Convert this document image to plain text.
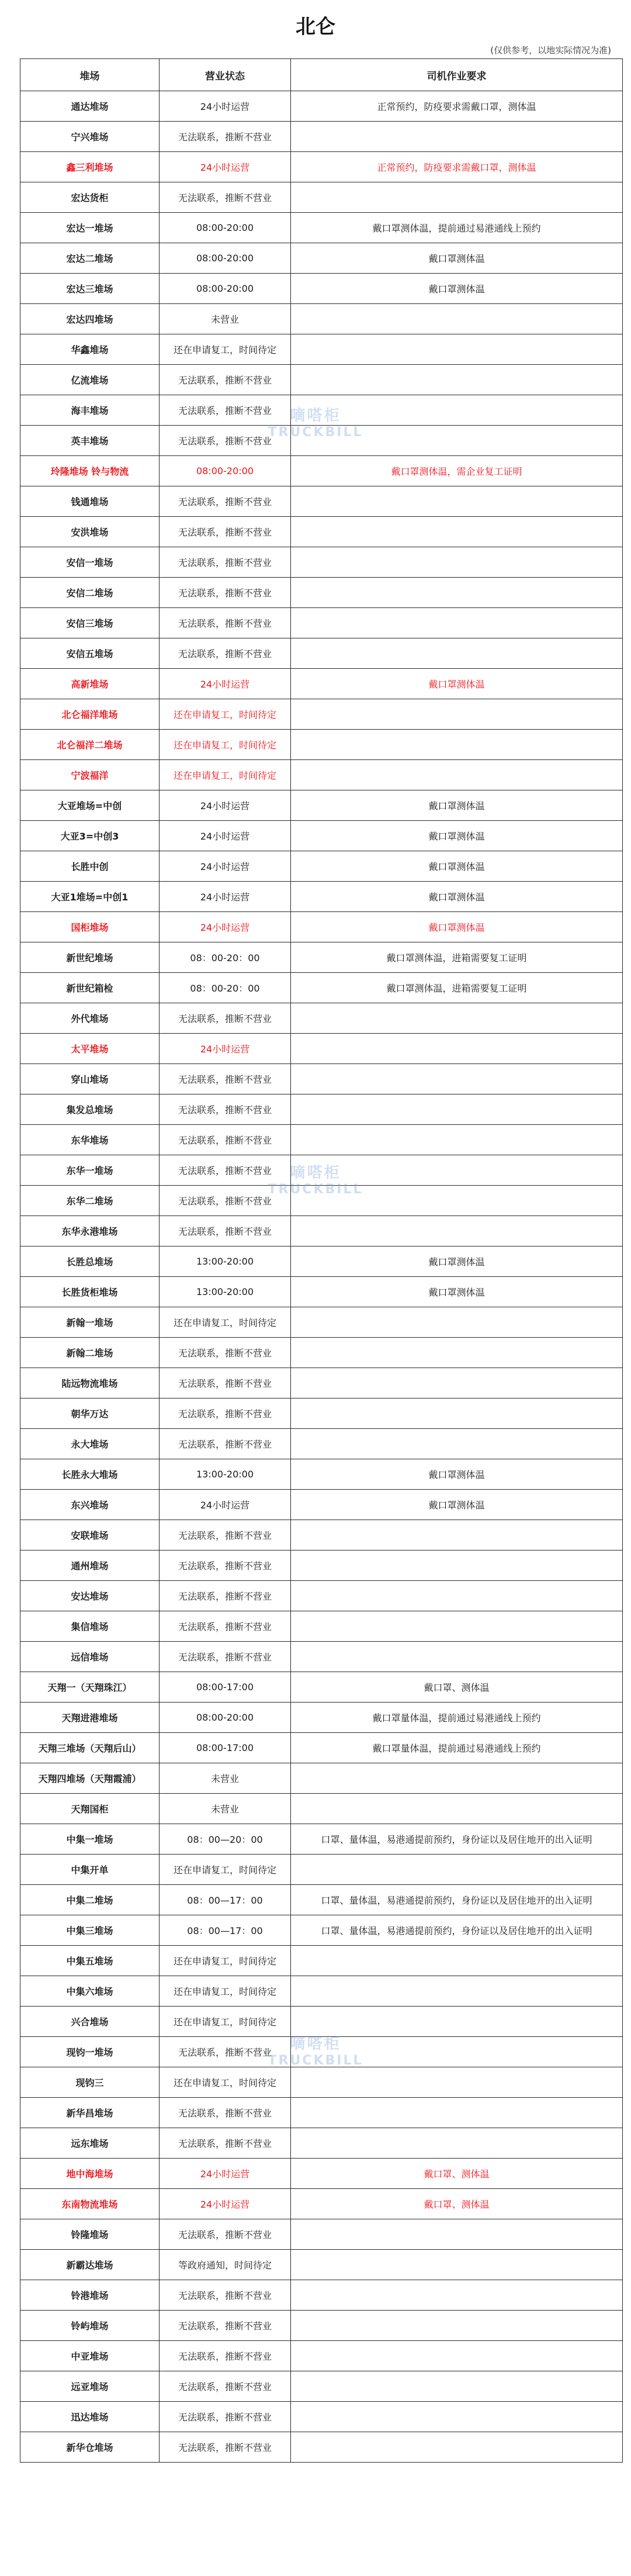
北仑
(仅供参考，以地实际情况为准)
堆场	营业状态	司机作业要求
通达堆场	24小时运营	正常预约，防疫要求需戴口罩，测体温
宁兴堆场	无法联系，推断不营业	
鑫三利堆场	24小时运营	正常预约，防疫要求需戴口罩，测体温
宏达货柜	无法联系，推断不营业	
宏达一堆场	08:00-20:00	戴口罩测体温，提前通过易港通线上预约
宏达二堆场	08:00-20:00	戴口罩测体温
宏达三堆场	08:00-20:00	戴口罩测体温
宏达四堆场	未营业	
华鑫堆场	还在申请复工，时间待定	
亿流堆场	无法联系，推断不营业	
海丰堆场	无法联系，推断不营业	
英丰堆场	无法联系，推断不营业	
玲隆堆场 铃与物流	08:00-20:00	戴口罩测体温，需企业复工证明
钱通堆场	无法联系，推断不营业	
安洪堆场	无法联系，推断不营业	
安信一堆场	无法联系，推断不营业	
安信二堆场	无法联系，推断不营业	
安信三堆场	无法联系，推断不营业	
安信五堆场	无法联系，推断不营业	
高新堆场	24小时运营	戴口罩测体温
北仑福洋堆场	还在申请复工，时间待定	
北仑福洋二堆场	还在申请复工，时间待定	
宁波福洋	还在申请复工，时间待定	
大亚堆场=中创	24小时运营	戴口罩测体温
大亚3=中创3	24小时运营	戴口罩测体温
长胜中创	24小时运营	戴口罩测体温
大亚1堆场=中创1	24小时运营	戴口罩测体温
国柜堆场	24小时运营	戴口罩测体温
新世纪堆场	08：00-20：00	戴口罩测体温，进箱需要复工证明
新世纪箱检	08：00-20：00	戴口罩测体温，进箱需要复工证明
外代堆场	无法联系，推断不营业	
太平堆场	24小时运营	
穿山堆场	无法联系，推断不营业	
集发总堆场	无法联系，推断不营业	
东华堆场	无法联系，推断不营业	
东华一堆场	无法联系，推断不营业	
东华二堆场	无法联系，推断不营业	
东华永港堆场	无法联系，推断不营业	
长胜总堆场	13:00-20:00	戴口罩测体温
长胜货柜堆场	13:00-20:00	戴口罩测体温
新翰一堆场	还在申请复工，时间待定	
新翰二堆场	无法联系，推断不营业	
陆远物流堆场	无法联系，推断不营业	
朝华万达	无法联系，推断不营业	
永大堆场	无法联系，推断不营业	
长胜永大堆场	13:00-20:00	戴口罩测体温
东兴堆场	24小时运营	戴口罩测体温
安联堆场	无法联系，推断不营业	
通州堆场	无法联系，推断不营业	
安达堆场	无法联系，推断不营业	
集信堆场	无法联系，推断不营业	
远信堆场	无法联系，推断不营业	
天翔一（天翔珠江）	08:00-17:00	戴口罩、测体温
天翔进港堆场	08:00-20:00	戴口罩量体温，提前通过易港通线上预约
天翔三堆场（天翔后山）	08:00-17:00	戴口罩量体温，提前通过易港通线上预约
天翔四堆场（天翔霞浦）	未营业	
天翔国柜	未营业	
中集一堆场	08：00—20：00	口罩、量体温，易港通提前预约，身份证以及居住地开的出入证明
中集开单	还在申请复工，时间待定	
中集二堆场	08：00—17：00	口罩、量体温，易港通提前预约，身份证以及居住地开的出入证明
中集三堆场	08：00—17：00	口罩、量体温，易港通提前预约，身份证以及居住地开的出入证明
中集五堆场	还在申请复工，时间待定	
中集六堆场	还在申请复工，时间待定	
兴合堆场	还在申请复工，时间待定	
现钧一堆场	无法联系，推断不营业	
现钧三	还在申请复工，时间待定	
新华昌堆场	无法联系，推断不营业	
远东堆场	无法联系，推断不营业	
地中海堆场	24小时运营	戴口罩、测体温
东南物流堆场	24小时运营	戴口罩、测体温
铃隆堆场	无法联系，推断不营业	
新霸达堆场	等政府通知，时间待定	
铃港堆场	无法联系，推断不营业	
铃屿堆场	无法联系，推断不营业	
中亚堆场	无法联系，推断不营业	
远亚堆场	无法联系，推断不营业	
迅达堆场	无法联系，推断不营业	
新华仓堆场	无法联系，推断不营业	
嘀嗒柜
TRUCKBILL
嘀嗒柜
TRUCKBILL
嘀嗒柜
TRUCKBILL
